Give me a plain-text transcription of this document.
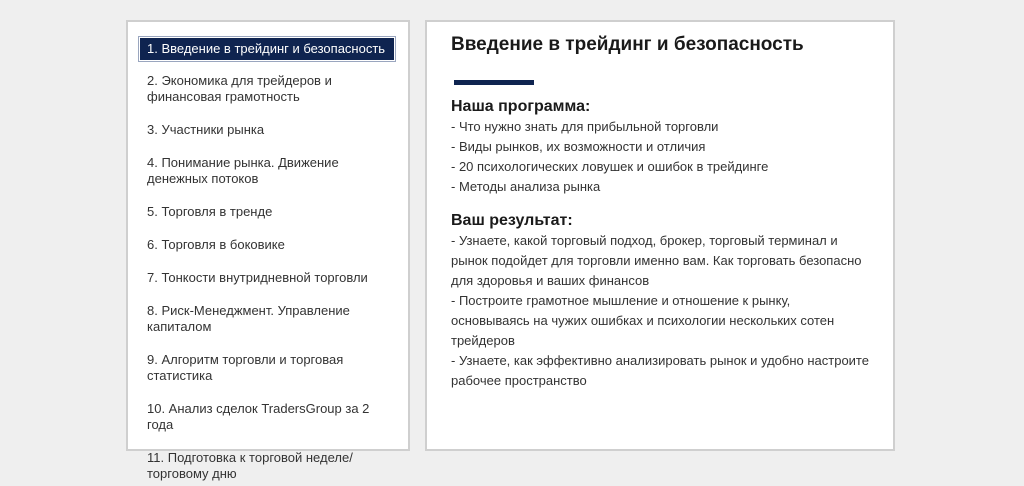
1. Введение в трейдинг и безопасность
2. Экономика для трейдеров и финансовая грамотность
3. Участники рынка
4. Понимание рынка. Движение денежных потоков
5. Торговля в тренде
6. Торговля в боковике
7. Тонкости внутридневной торговли
8. Риск-Менеджмент. Управление капиталом
9. Алгоритм торговли и торговая статистика
10. Анализ сделок TradersGroup за 2 года
11. Подготовка к торговой неделе/ торговому дню
Введение в трейдинг и безопасность
Наша программа:
- Что нужно знать для прибыльной торговли
- Виды рынков, их возможности и отличия
- 20 психологических ловушек и ошибок в трейдинге
- Методы анализа рынка
Ваш результат:
- Узнаете, какой торговый подход, брокер, торговый терминал и рынок подойдет для торговли именно вам. Как торговать безопасно для здоровья и ваших финансов
- Построите грамотное мышление и отношение к рынку, основываясь на чужих ошибках и психологии нескольких сотен трейдеров
- Узнаете, как эффективно анализировать рынок и удобно настроите рабочее пространство
